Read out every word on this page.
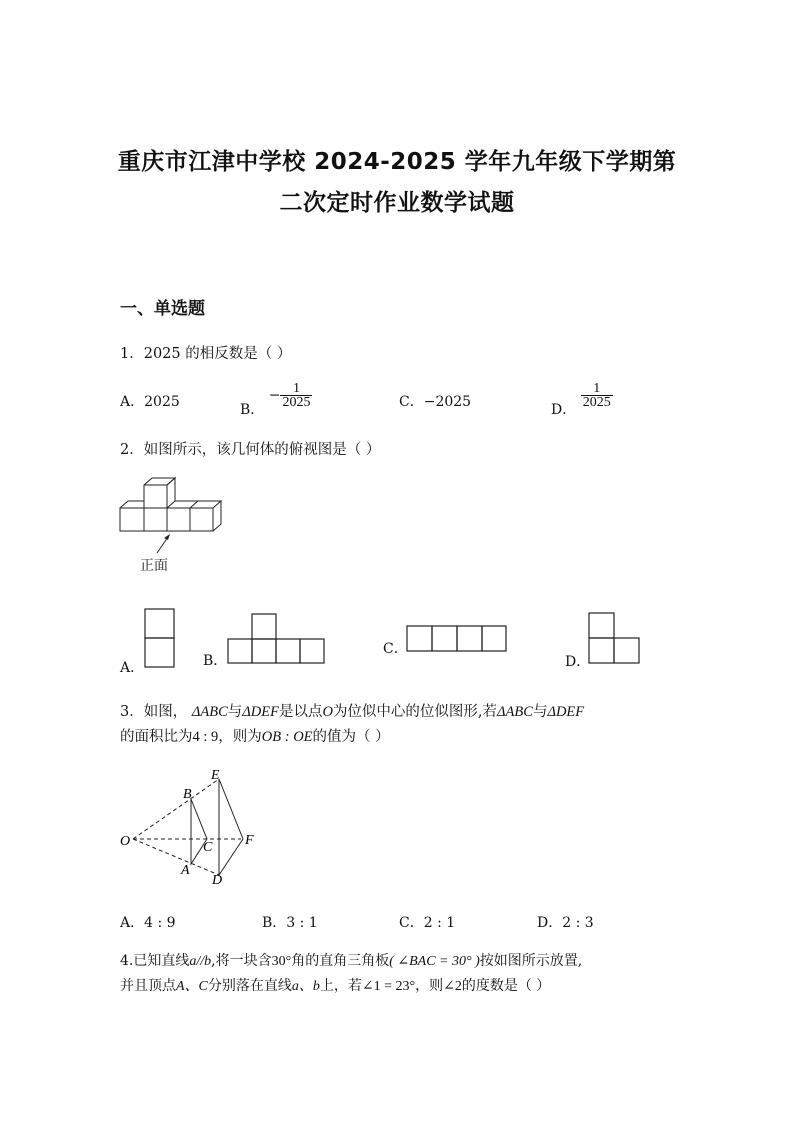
重庆市江津中学校 2024-2025 学年九年级下学期第
二次定时作业数学试题
一、单选题
1．2025 的相反数是（ ）
A．2025	B． − $\frac{1}{2025}$	C．−2025	D．
$\frac{1}{2025}$
2．如图所示，该几何体的俯视图是（ ）
正面
A．	B．
C．
D．
3．如图， ΔABC与ΔDEF是以点O为位似中心的位似图形,若ΔABC与ΔDEF
的面积比为4 : 9，则为OB : OE的值为（ ）
E
B
O	C F
A
D
A．4 : 9	B．3 : 1	C．2 : 1	D．2 : 3
4.已知直线a//b,将一块含30°角的直角三角板( ∠BAC = 30° )按如图所示放置,
并且顶点A、C分别落在直线a、b上，若∠1 = 23°，则∠2的度数是（ ）
